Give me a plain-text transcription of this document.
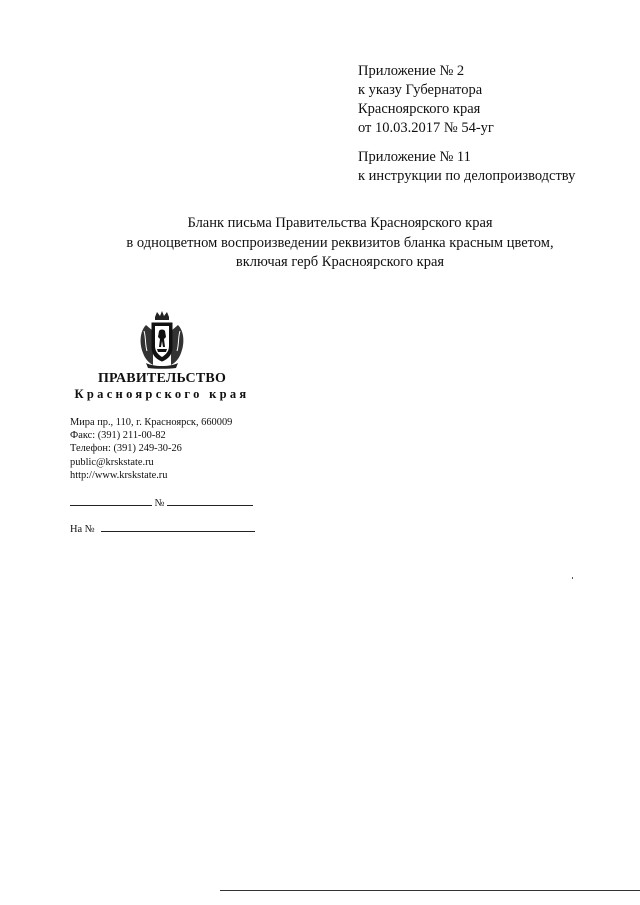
Приложение № 2
к указу Губернатора
Красноярского края
от 10.03.2017 № 54-уг
Приложение № 11
к инструкции по делопроизводству
Бланк письма Правительства Красноярского края
в одноцветном воспроизведении реквизитов бланка красным цветом,
включая герб Красноярского края
ПРАВИТЕЛЬСТВО
Красноярского края
Мира пр., 110, г. Красноярск, 660009
Факс: (391) 211-00-82
Телефон: (391) 249-30-26
public@krskstate.ru
http://www.krskstate.ru
№
На №
